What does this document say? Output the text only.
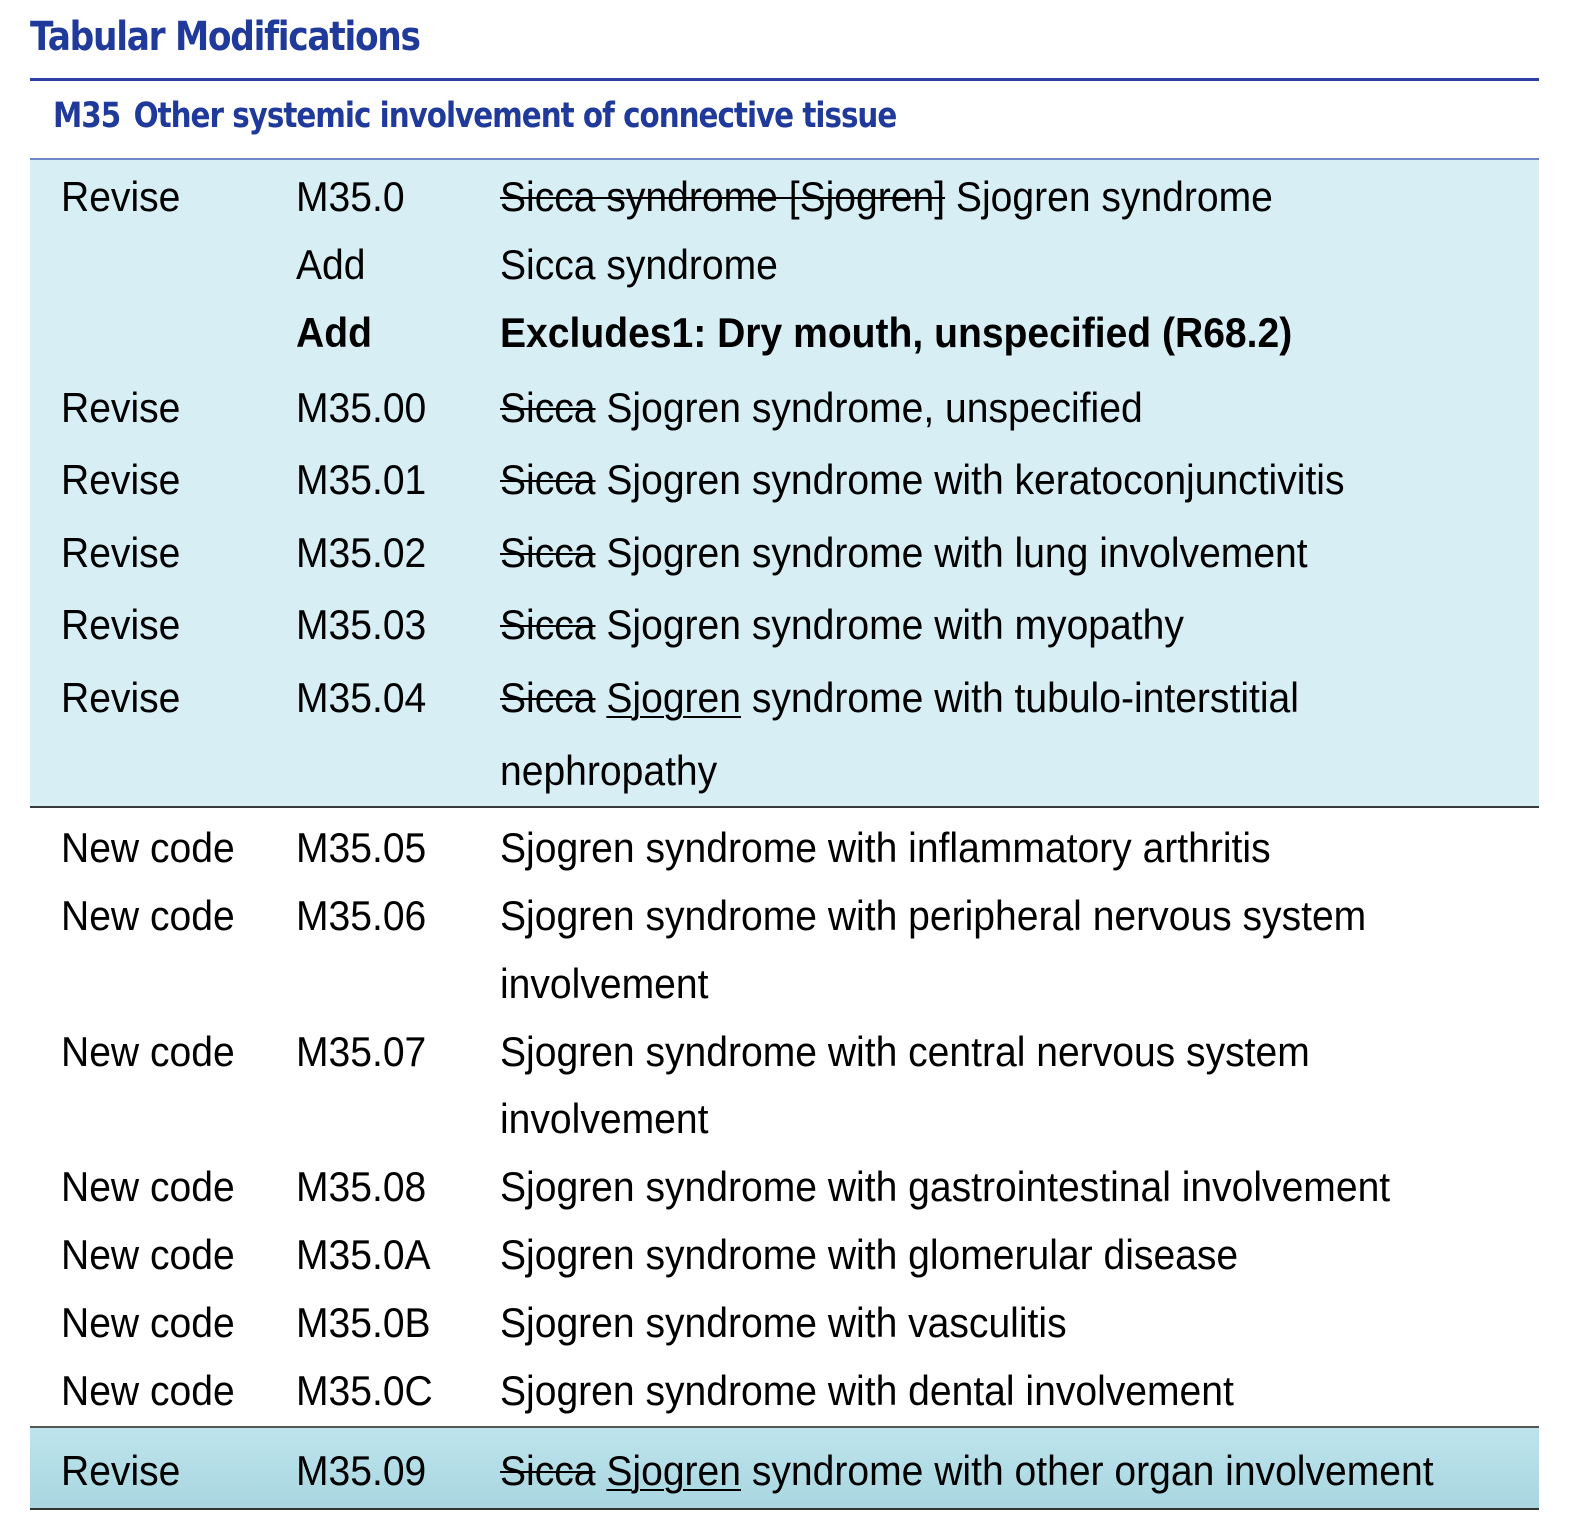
Tabular Modifications
M35 Other systemic involvement of connective tissue
Revise	M35.0 Sicca syndrome [Sjogren] Sjogren syndrome
Add	Sicca syndrome
Add	Excludes1: Dry mouth, unspecified (R68.2)
Revise	M35.00 Sicca Sjogren syndrome, unspecified
Revise	M35.01 Sicca Sjogren syndrome with keratoconjunctivitis
Revise	M35.02 Sicca Sjogren syndrome with lung involvement
Revise	M35.03 Sicca Sjogren syndrome with myopathy
Revise	M35.04 Sicca Sjogren syndrome with tubulo-interstitial
nephropathy
New code M35.05 Sjogren syndrome with inflammatory arthritis
New code M35.06 Sjogren syndrome with peripheral nervous system
involvement
New code M35.07 Sjogren syndrome with central nervous system
involvement
New code M35.08 Sjogren syndrome with gastrointestinal involvement
New code M35.0A Sjogren syndrome with glomerular disease
New code M35.0B Sjogren syndrome with vasculitis
New code M35.0C Sjogren syndrome with dental involvement
Revise	M35.09 Sicca Sjogren syndrome with other organ involvement
